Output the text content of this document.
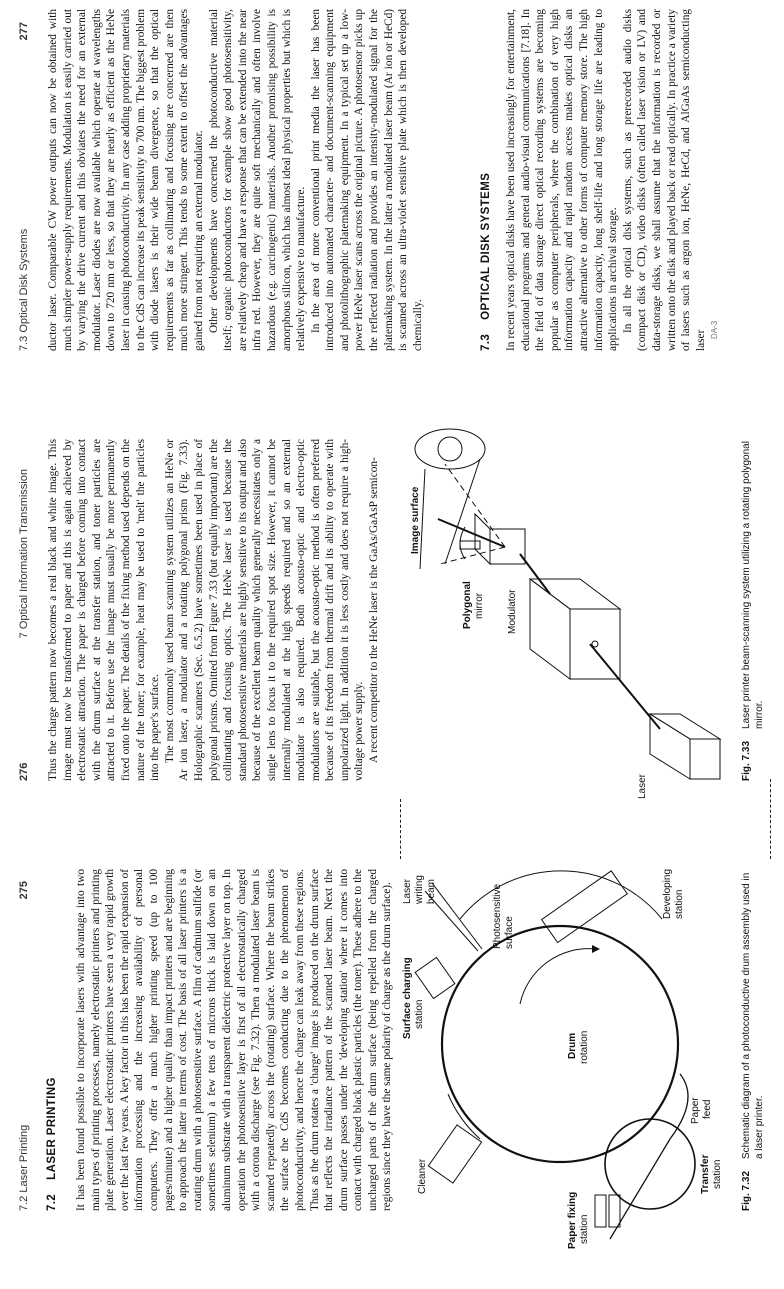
7.2 Laser Printing
275
7.2LASER PRINTING It has been found possible to incorporate lasers with advantage into two main types of printing processes, namely electrostatic printers and printing plate generation. Laser electrostatic printers have seen a very rapid growth over the last few years. A key factor in this has been the rapid expansion of information processing and the increasing availability of personal computers. They offer a much higher printing speed (up to 100 pages/minute) and a higher quality than impact printers and are beginning to approach the latter in terms of cost. The basis of all laser printers is a rotating drum with a photosensitive surface. A film of cadmium sulfide (or sometimes selenium) a few tens of microns thick is laid down on an aluminum substrate with a transparent dielectric protective layer on top. In operation the photosensitive layer is first of all electrostatically charged with a corona discharge (see Fig. 7.32). Then a modulated laser beam is scanned repeatedly across the (rotating) surface. Where the beam strikes the surface the CdS becomes conducting due to the phenomenon of photoconductivity, and hence the charge can leak away from these regions. Thus as the drum rotates a 'charge' image is produced on the drum surface that reflects the irradiance pattern of the scanned laser beam. Next the drum surface passes under the 'developing station' where it comes into contact with charged black plastic particles (the toner). These adhere to the uncharged parts of the drum surface (being repelled from the charged regions since they have the same polarity of charge as the drum surface). Surface charging station
Laser writing beam	Photosensitive surface
Developing station
Drum rotation
Cleaner
Paper feed
Transfer station
Paper fixing station
Fig. 7.32
Schematic diagram of a photoconductive drum assembly used in a laser printer.
276
7 Optical Information Transmission Thus the charge pattern now becomes a real black and white image. This image must now be transformed to paper and this is again achieved by electrostatic attraction. The paper is charged before coming into contact with the drum surface at the transfer station, and toner particles are attracted to it. Before use the image must usually be more permanently fixed onto the paper. The details of the fixing method used depends on the nature of the toner; for example, heat may be used to 'melt' the particles into the paper's surface. The most commonly used beam scanning system utilizes an HeNe or Ar ion laser, a modulator and a rotating polygonal prism (Fig. 7.33). Holographic scanners (Sec. 6.5.2) have sometimes been used in place of polygonal prisms. Omitted from Figure 7.33 (but equally important) are the collimating and focusing optics. The HeNe laser is used because the standard photosensitive materials are highly sensitive to its output and also because of the excellent beam quality which generally necessitates only a single lens to focus it to the required spot size. However, it cannot be internally modulated at the high speeds required and so an external modulator is also required. Both acousto-optic and electro-optic modulators are suitable, but the acousto-optic method is often preferred because of its freedom from thermal drift and its ability to operate with unpolarized light. In addition it is less costly and does not require a high-voltage power supply. A recent competitor to the HeNe laser is the GaAs/GaAsP semicon-

Laser
Modulator
Polygonal mirror
Image surface
Fig. 7.33
Laser printer beam-scanning system utilizing a rotating polygonal mirror.
7.3 Optical Disk Systems
277 ductor laser. Comparable CW power outputs can now be obtained with much simpler power-supply requirements. Modulation is easily carried out by varying the drive current and this obviates the need for an external modulator. Laser diodes are now available which operate at wavelengths down to 720 nm or less, so that they are nearly as efficient as the HeNe laser in causing photoconductivity. In any case adding proprietary materials to the CdS can increase its peak sensitivity to 700 nm. The biggest problem with diode lasers is their wide beam divergence, so that the optical requirements as far as collimating and focusing are concerned are then much more stringent. This tends to some extent to offset the advantages gained from not requiring an external modulator. Other developments have concerned the photoconductive material itself; organic photoconductors for example show good photosensitivity, are relatively cheap and have a response that can be extended into the near infra red. However, they are quite soft mechanically and often involve hazardous (e.g. carcinogenic) materials. Another promising possibility is amorphous silicon, which has almost ideal physical properties but which is relatively expensive to manufacture. In the area of more conventional print media the laser has been introduced into automated character- and document-scanning equipment and photolithographic platemaking equipment. In a typical set up a low-power HeNe laser scans across the original picture. A photosensor picks up the reflected radiation and provides an intensity-modulated signal for the platemaking system. In the latter a modulated laser beam (Ar ion or HeCd) is scanned across an ultra-violet sensitive plate which is then developed chemically.	7.3OPTICAL DISK SYSTEMS In recent years optical disks have been used increasingly for entertainment, educational programs and general audio-visual communications [7.18]. In the field of data storage direct optical recording systems are becoming popular as computer peripherals, where the combination of very high information capacity and rapid random access makes optical disks an attractive alternative to other forms of computer memory store. The high information capacity, long shelf-life and long storage life are leading to applications in archival storage. In all the optical disk systems, such as prerecorded audio disks (compact disk or CD), video disks (often called laser vision or LV) and data-storage disks, we shall assume that the information is recorded or written onto the disk and played back or read optically. In practice a variety of lasers such as argon ion, HeNe, HeCd, and AlGaAs semiconducting laser DA-3
